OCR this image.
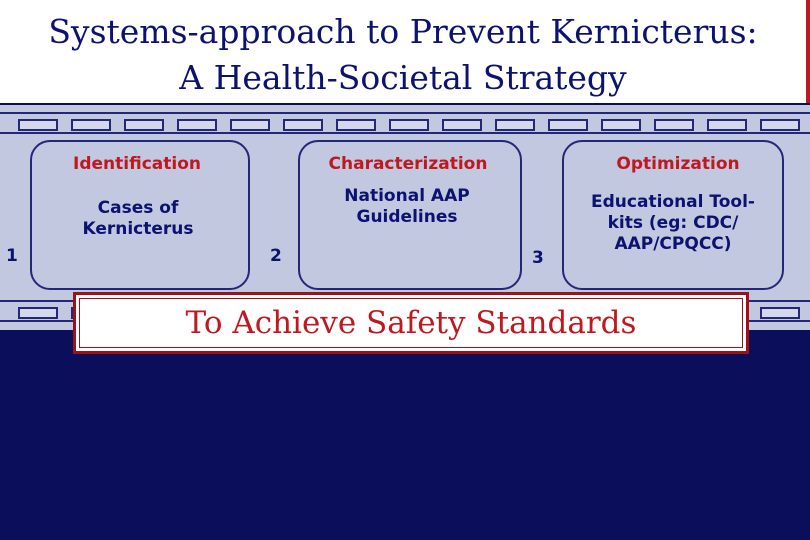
Systems-approach to Prevent Kernicterus:
A Health-Societal Strategy
Identification	Characterization	Optimization
Cases of
Kernicterus
National AAP
Guidelines
Educational Tool-
kits (eg: CDC/
AAP/CPQCC)
1	2	3
To Achieve Safety Standards
